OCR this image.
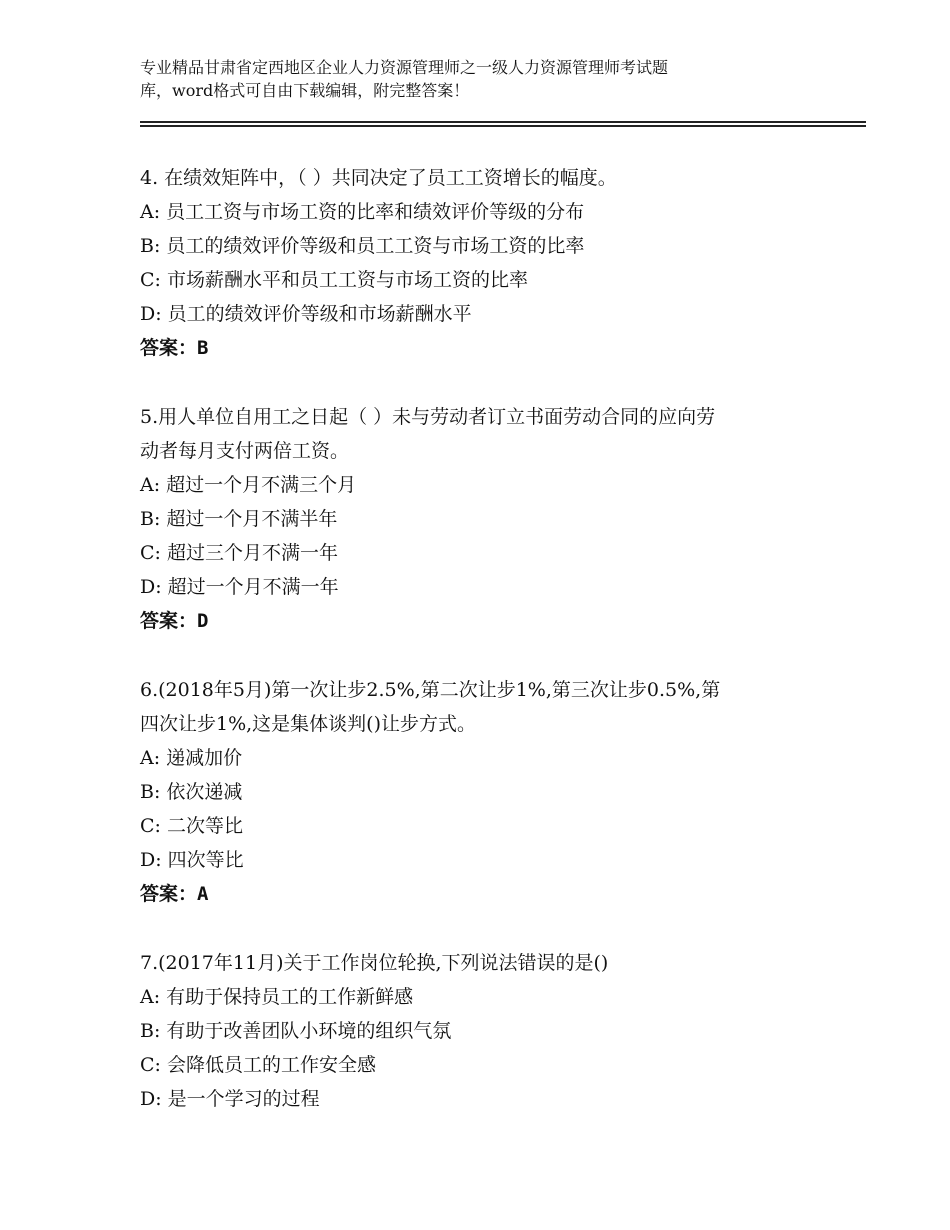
专业精品甘肃省定西地区企业人力资源管理师之一级人力资源管理师考试题
库，word格式可自由下载编辑，附完整答案！
4. 在绩效矩阵中，（ ）共同决定了员工工资增长的幅度。
A: 员工工资与市场工资的比率和绩效评价等级的分布
B: 员工的绩效评价等级和员工工资与市场工资的比率
C: 市场薪酬水平和员工工资与市场工资的比率
D: 员工的绩效评价等级和市场薪酬水平
答案：B
5.用人单位自用工之日起（ ）未与劳动者订立书面劳动合同的应向劳
动者每月支付两倍工资。
A: 超过一个月不满三个月
B: 超过一个月不满半年
C: 超过三个月不满一年
D: 超过一个月不满一年
答案：D
6.(2018年5月)第一次让步2.5%,第二次让步1%,第三次让步0.5%,第
四次让步1%,这是集体谈判()让步方式。
A: 递减加价
B: 依次递减
C: 二次等比
D: 四次等比
答案：A
7.(2017年11月)关于工作岗位轮换,下列说法错误的是()
A: 有助于保持员工的工作新鲜感
B: 有助于改善团队小环境的组织气氛
C: 会降低员工的工作安全感
D: 是一个学习的过程
